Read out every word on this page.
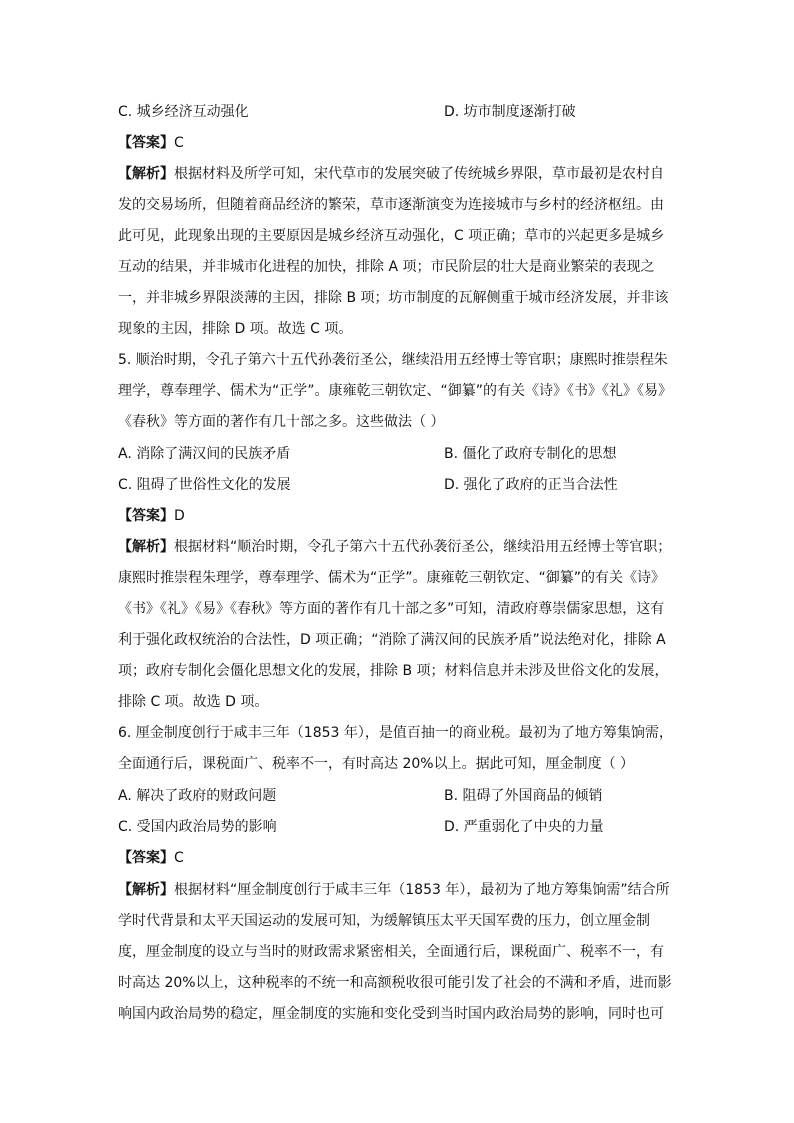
C. 城乡经济互动强化	D. 坊市制度逐渐打破
【答案】C
【解析】根据材料及所学可知，宋代草市的发展突破了传统城乡界限，草市最初是农村自
发的交易场所，但随着商品经济的繁荣，草市逐渐演变为连接城市与乡村的经济枢纽。由
此可见，此现象出现的主要原因是城乡经济互动强化，C 项正确；草市的兴起更多是城乡
互动的结果，并非城市化进程的加快，排除 A 项；市民阶层的壮大是商业繁荣的表现之
一，并非城乡界限淡薄的主因，排除 B 项；坊市制度的瓦解侧重于城市经济发展，并非该
现象的主因，排除 D 项。故选 C 项。
5. 顺治时期，令孔子第六十五代孙袭衍圣公，继续沿用五经博士等官职；康熙时推崇程朱
理学，尊奉理学、儒术为“正学”。康雍乾三朝钦定、“御纂”的有关《诗》《书》《礼》《易》
《春秋》等方面的著作有几十部之多。这些做法（ ）
A. 消除了满汉间的民族矛盾	B. 僵化了政府专制化的思想
C. 阻碍了世俗性文化的发展	D. 强化了政府的正当合法性
【答案】D
【解析】根据材料“顺治时期，令孔子第六十五代孙袭衍圣公，继续沿用五经博士等官职；
康熙时推崇程朱理学，尊奉理学、儒术为“正学”。康雍乾三朝钦定、“御纂”的有关《诗》
《书》《礼》《易》《春秋》等方面的著作有几十部之多”可知，清政府尊崇儒家思想，这有
利于强化政权统治的合法性，D 项正确；“消除了满汉间的民族矛盾”说法绝对化，排除 A
项；政府专制化会僵化思想文化的发展，排除 B 项；材料信息并未涉及世俗文化的发展，
排除 C 项。故选 D 项。
6. 厘金制度创行于咸丰三年（1853 年），是值百抽一的商业税。最初为了地方筹集饷需，
全面通行后，课税面广、税率不一，有时高达 20%以上。据此可知，厘金制度（ ）
A. 解决了政府的财政问题	B. 阻碍了外国商品的倾销
C. 受国内政治局势的影响	D. 严重弱化了中央的力量
【答案】C
【解析】根据材料“厘金制度创行于咸丰三年（1853 年），最初为了地方筹集饷需”结合所
学时代背景和太平天国运动的发展可知，为缓解镇压太平天国军费的压力，创立厘金制
度，厘金制度的设立与当时的财政需求紧密相关，全面通行后，课税面广、税率不一，有
时高达 20%以上，这种税率的不统一和高额税收很可能引发了社会的不满和矛盾，进而影
响国内政治局势的稳定，厘金制度的实施和变化受到当时国内政治局势的影响，同时也可
